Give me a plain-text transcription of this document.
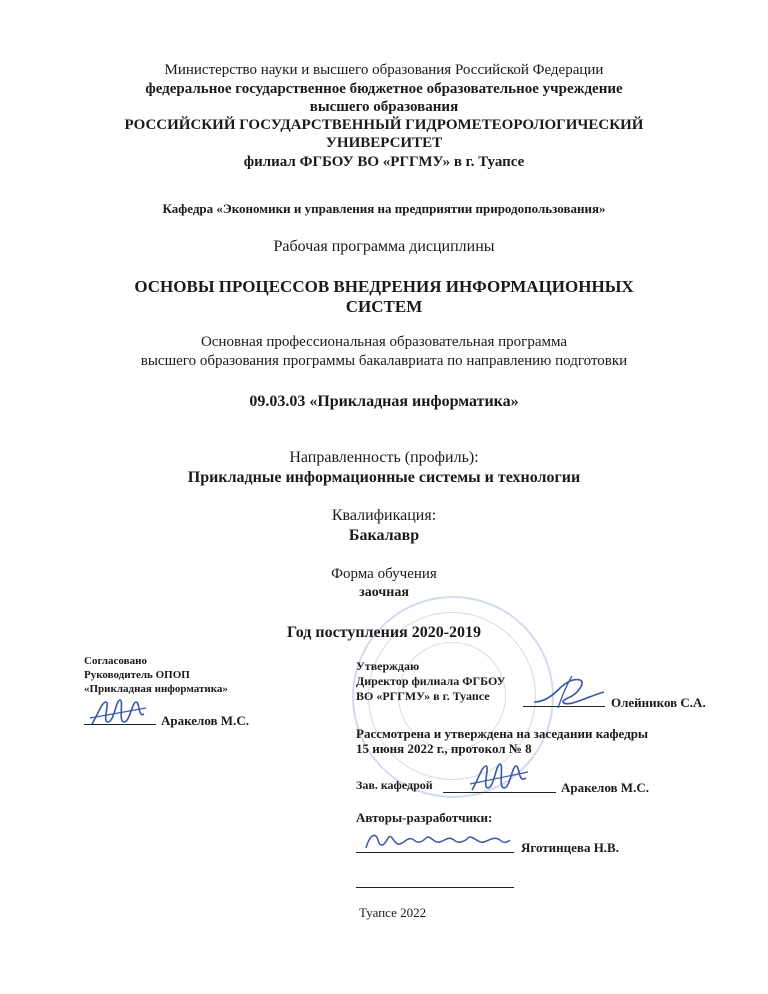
Министерство науки и высшего образования Российской Федерации
федеральное государственное бюджетное образовательное учреждение
высшего образования
РОССИЙСКИЙ ГОСУДАРСТВЕННЫЙ ГИДРОМЕТЕОРОЛОГИЧЕСКИЙ
УНИВЕРСИТЕТ
филиал ФГБОУ ВО «РГГМУ» в г. Туапсе
Кафедра «Экономики и управления на предприятии природопользования»
Рабочая программа дисциплины
ОСНОВЫ ПРОЦЕССОВ ВНЕДРЕНИЯ ИНФОРМАЦИОННЫХ
СИСТЕМ
Основная профессиональная образовательная программа
высшего образования программы бакалавриата по направлению подготовки
09.03.03 «Прикладная информатика»
Направленность (профиль):
Прикладные информационные системы и технологии
Квалификация:
Бакалавр
Форма обучения
заочная
Год поступления 2020-2019
Согласовано
Руководитель ОПОП
«Прикладная информатика»
Аракелов М.С.
Утверждаю
Директор филиала ФГБОУ
ВО «РГГМУ» в г. Туапсе	Олейников С.А.
Рассмотрена и утверждена на заседании кафедры
15 июня 2022 г., протокол № 8
Зав. кафедрой	Аракелов М.С.
Авторы-разработчики:
Яготинцева Н.В.
Туапсе 2022
